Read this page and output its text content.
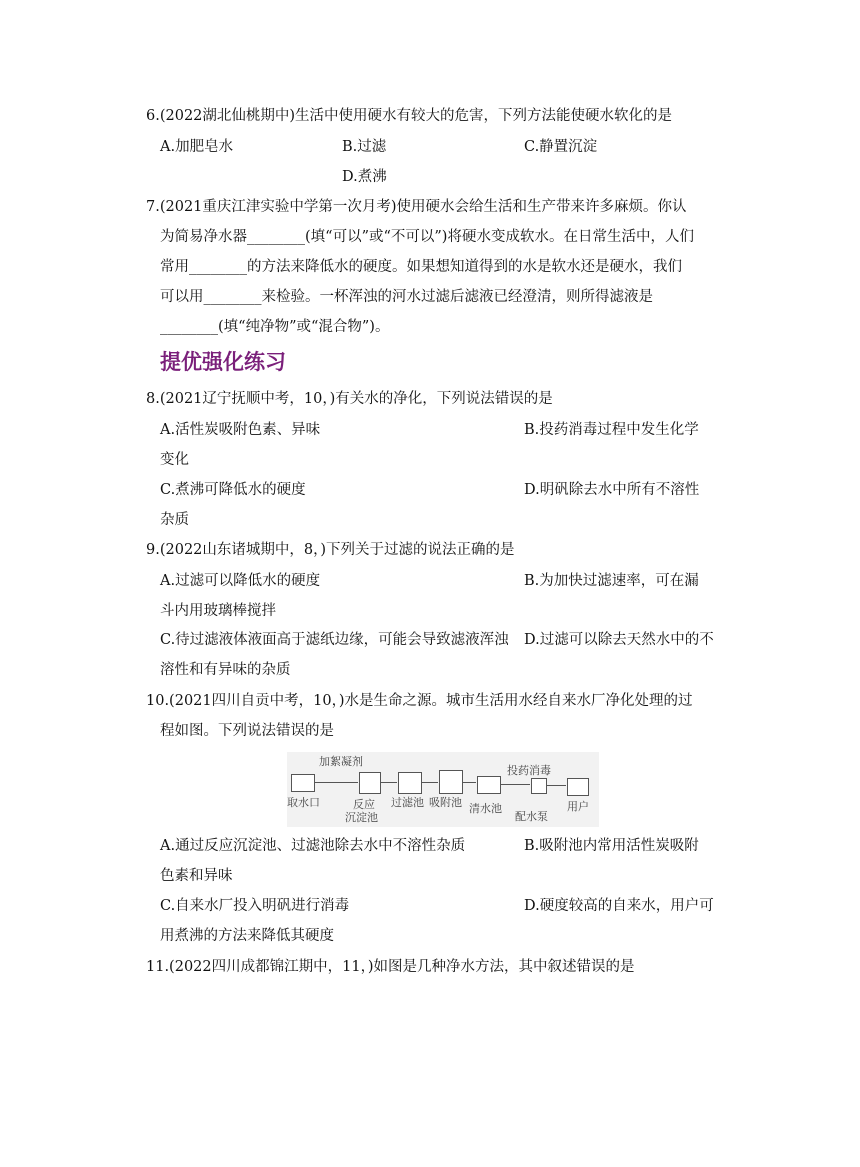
6.(2022湖北仙桃期中)生活中使用硬水有较大的危害，下列方法能使硬水软化的是
A.加肥皂水	B.过滤	C.静置沉淀
D.煮沸
7.(2021重庆江津实验中学第一次月考)使用硬水会给生活和生产带来许多麻烦。你认
为简易净水器________(填“可以”或“不可以”)将硬水变成软水。在日常生活中，人们
常用________的方法来降低水的硬度。如果想知道得到的水是软水还是硬水，我们
可以用________来检验。一杯浑浊的河水过滤后滤液已经澄清，则所得滤液是
________(填“纯净物”或“混合物”)。
提优强化练习
8.(2021辽宁抚顺中考，10，)有关水的净化，下列说法错误的是
A.活性炭吸附色素、异味	B.投药消毒过程中发生化学
变化
C.煮沸可降低水的硬度	D.明矾除去水中所有不溶性
杂质
9.(2022山东诸城期中，8，)下列关于过滤的说法正确的是
A.过滤可以降低水的硬度	B.为加快过滤速率，可在漏
斗内用玻璃棒搅拌
C.待过滤液体液面高于滤纸边缘，可能会导致滤液浑浊 D.过滤可以除去天然水中的不
溶性和有异味的杂质
10.(2021四川自贡中考，10，)水是生命之源。城市生活用水经自来水厂净化处理的过
程如图。下列说法错误的是
加絮凝剂
投药消毒
取水口	反应
沉淀池
过滤池 吸附池 清水池
配水泵
用户
A.通过反应沉淀池、过滤池除去水中不溶性杂质	B.吸附池内常用活性炭吸附
色素和异味
C.自来水厂投入明矾进行消毒	D.硬度较高的自来水，用户可
用煮沸的方法来降低其硬度
11.(2022四川成都锦江期中，11，)如图是几种净水方法，其中叙述错误的是
